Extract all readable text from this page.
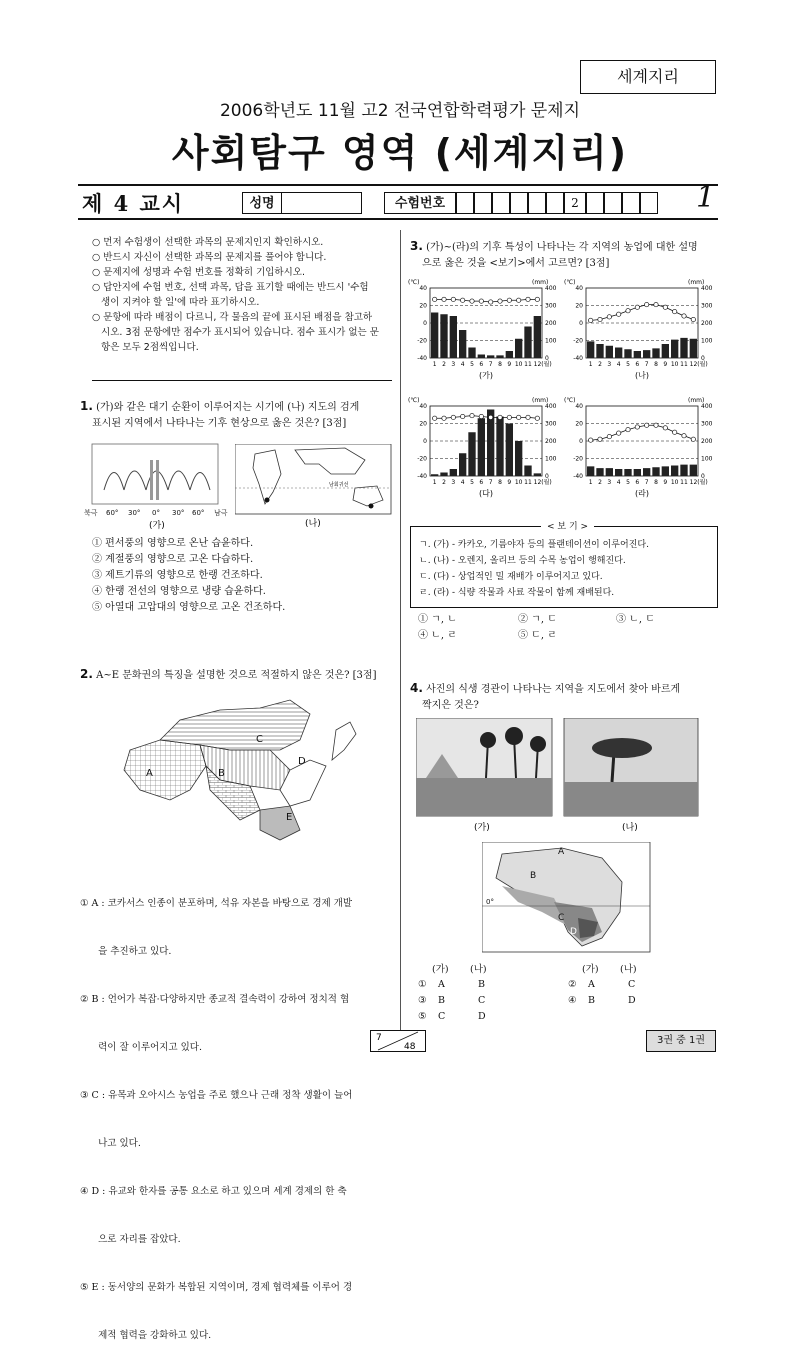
세계지리
2006학년도 11월 고2 전국연합학력평가 문제지
사회탐구 영역 (세계지리)
제 4 교시	성명	수험번호	2	1
○ 먼저 수험생이 선택한 과목의 문제지인지 확인하시오.
○ 반드시 자신이 선택한 과목의 문제지를 풀어야 합니다.
○ 문제지에 성명과 수험 번호를 정확히 기입하시오.
○ 답안지에 수험 번호, 선택 과목, 답을 표기할 때에는 반드시 '수험
생이 지켜야 할 일'에 따라 표기하시오.
○ 문항에 따라 배점이 다르니, 각 물음의 끝에 표시된 배점을 참고하
시오. 3점 문항에만 점수가 표시되어 있습니다. 점수 표시가 없는 문
항은 모두 2점씩입니다.
1. (가)와 같은 대기 순환이 이루어지는 시기에 (나) 지도의 검게
표시된 지역에서 나타나는 기후 현상으로 옳은 것은? [3점]
북극 60° 30° 0° 30° 60° 남극
(가)
남회귀선
(나)
① 편서풍의 영향으로 온난 습윤하다.
② 계절풍의 영향으로 고온 다습하다.
③ 제트기류의 영향으로 한랭 건조하다.
④ 한랭 전선의 영향으로 냉량 습윤하다.
⑤ 아열대 고압대의 영향으로 고온 건조하다.
2. A~E 문화권의 특징을 설명한 것으로 적절하지 않은 것은? [3점]
A	B
C
D
E

① A : 코카서스 인종이 분포하며, 석유 자본을 바탕으로 경제 개발

을 추진하고 있다.

② B : 언어가 복잡·다양하지만 종교적 결속력이 강하여 정치적 협

력이 잘 이루어지고 있다.

③ C : 유목과 오아시스 농업을 주로 했으나 근래 정착 생활이 늘어

나고 있다.

④ D : 유교와 한자를 공통 요소로 하고 있으며 세계 경제의 한 축

으로 자리를 잡았다.

⑤ E : 동서양의 문화가 복합된 지역이며, 경제 협력체를 이루어 경

제적 협력을 강화하고 있다.

3. (가)~(라)의 기후 특성이 나타나는 각 지역의 농업에 대한 설명
으로 옳은 것을 <보기>에서 고르면? [3점]
(℃)	(mm)
40
20
0
-20
-40
400
300
200
100
0
1 2 3 4 5 6 7 8 9 10 11 12(월)
(가)
(℃)	(mm)
40
20
0
-20
-40
400
300
200
100
0
1 2 3 4 5 6 7 8 9 10 11 12(월)
(나)
(℃)	(mm)
40
20
0
-20
-40
400
300
200
100
0
1 2 3 4 5 6 7 8 9 10 11 12(월)
(다)
(℃)	(mm)
40
20
0
-20
-40
400
300
200
100
0
1 2 3 4 5 6 7 8 9 10 11 12(월)
(라)
< 보 기 >
ㄱ. (가) - 카카오, 기름야자 등의 플랜테이션이 이루어진다.
ㄴ. (나) - 오렌지, 올리브 등의 수목 농업이 행해진다.
ㄷ. (다) - 상업적인 밀 재배가 이루어지고 있다.
ㄹ. (라) - 식량 작물과 사료 작물이 함께 재배된다.
① ㄱ, ㄴ	② ㄱ, ㄷ	③ ㄴ, ㄷ
④ ㄴ, ㄹ	⑤ ㄷ, ㄹ
4. 사진의 식생 경관이 나타나는 지역을 지도에서 찾아 바르게
짝지은 것은?
(가)	(나)
A
B
C
D
0°
(가) (나)	(가) (나)
① A	B	② A	C
③ B	C	④ B	D
⑤ C	D
7
48
3권 중 1권
